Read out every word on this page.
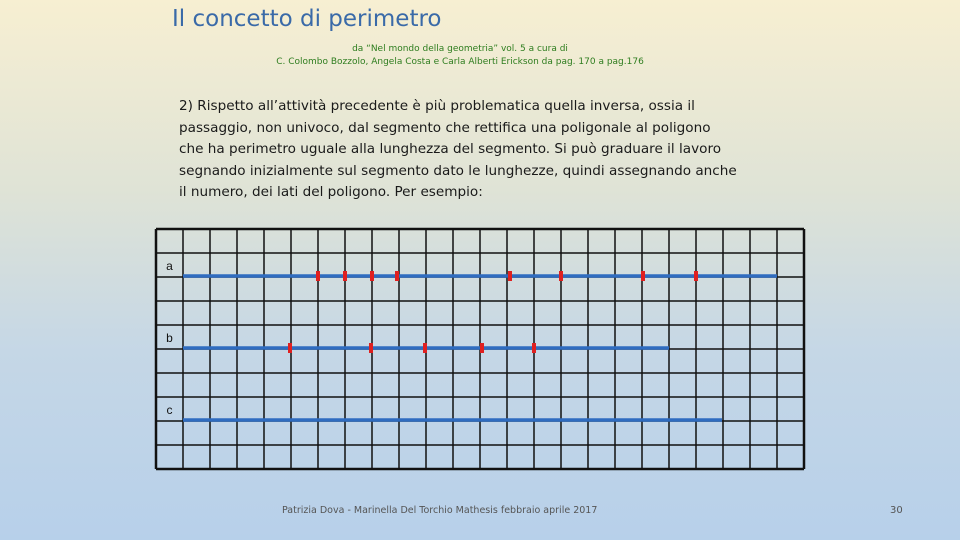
Il concetto di perimetro
da “Nel mondo della geometria” vol. 5 a cura di
C. Colombo Bozzolo, Angela Costa e Carla Alberti Erickson da pag. 170 a pag.176
2) Rispetto all’attività precedente è più problematica quella inversa, ossia il
passaggio, non univoco, dal segmento che rettifica una poligonale al poligono
che ha perimetro uguale alla lunghezza del segmento. Si può graduare il lavoro
segnando inizialmente sul segmento dato le lunghezze, quindi assegnando anche
il numero, dei lati del poligono. Per esempio:
a
b
c
Patrizia Dova - Marinella Del Torchio Mathesis febbraio aprile 2017	30
